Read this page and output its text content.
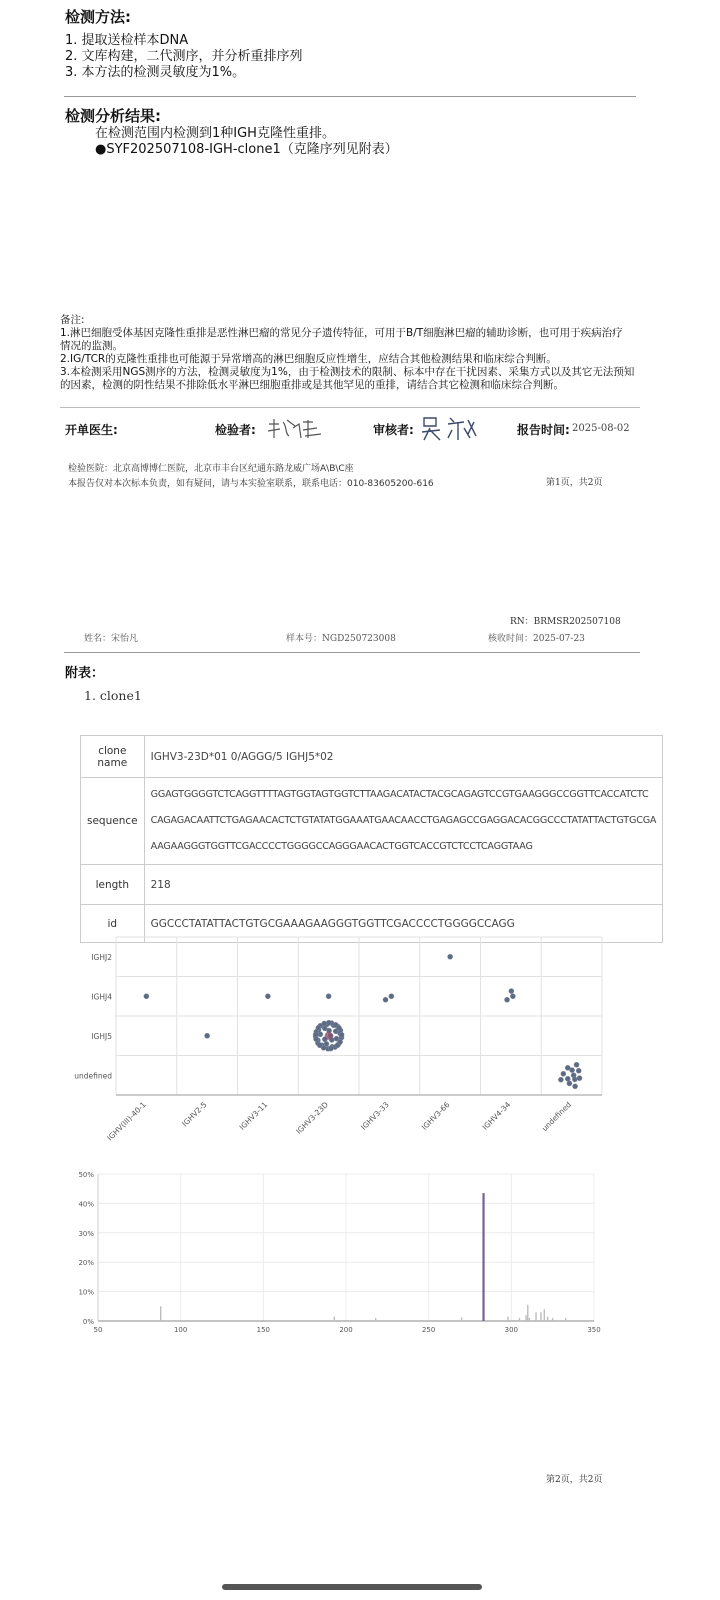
检测方法:
1. 提取送检样本DNA
2. 文库构建，二代测序，并分析重排序列
3. 本方法的检测灵敏度为1%。
检测分析结果:
在检测范围内检测到1种IGH克隆性重排。
●SYF202507108-IGH-clone1（克隆序列见附表）
备注:
1.淋巴细胞受体基因克隆性重排是恶性淋巴瘤的常见分子遗传特征，可用于B/T细胞淋巴瘤的辅助诊断，也可用于疾病治疗
情况的监测。
2.IG/TCR的克隆性重排也可能源于异常增高的淋巴细胞反应性增生，应结合其他检测结果和临床综合判断。
3.本检测采用NGS测序的方法，检测灵敏度为1%，由于检测技术的限制、标本中存在干扰因素、采集方式以及其它无法预知
的因素，检测的阴性结果不排除低水平淋巴细胞重排或是其他罕见的重排，请结合其它检测和临床综合判断。
开单医生:	检验者:	审核者:	报告时间: 2025-08-02
检验医院：北京高博博仁医院，北京市丰台区纪通东路龙威广场A\B\C座
本报告仅对本次标本负责，如有疑问，请与本实验室联系，联系电话：010-83605200-616	第1页，共2页
RN：BRMSR202507108
姓名：宋怡凡	样本号：NGD250723008	核收时间：2025-07-23
附表：
1. clone1
clone name	IGHV3-23D*01 0/AGGG/5 IGHJ5*02
sequence	GGAGTGGGGTCTCAGGTTTTAGTGGTAGTGGTCTTAAGACATACTACGCAGAGTCCGTGAAGGGCCGGTTCACCATCTC
CAGAGACAATTCTGAGAACACTCTGTATATGGAAATGAACAACCTGAGAGCCGAGGACACGGCCCTATATTACTGTGCGA
AAGAAGGGTGGTTCGACCCCTGGGGCCAGGGAACACTGGTCACCGTCTCCTCAGGTAAG

length	218
id	GGCCCTATATTACTGTGCGAAAGAAGGGTGGTTCGACCCCTGGGGCCAGG
IGHJ2
IGHJ4
IGHJ5
undefined
IGHV(III)-40-1	IGHV2-5	IGHV3-11	IGHV3-23D	IGHV3-33	IGHV3-66	IGHV4-34	undefined
0%
10%
20%
30%
40%
50%
50	100	150	200	250	300	350
第2页，共2页
